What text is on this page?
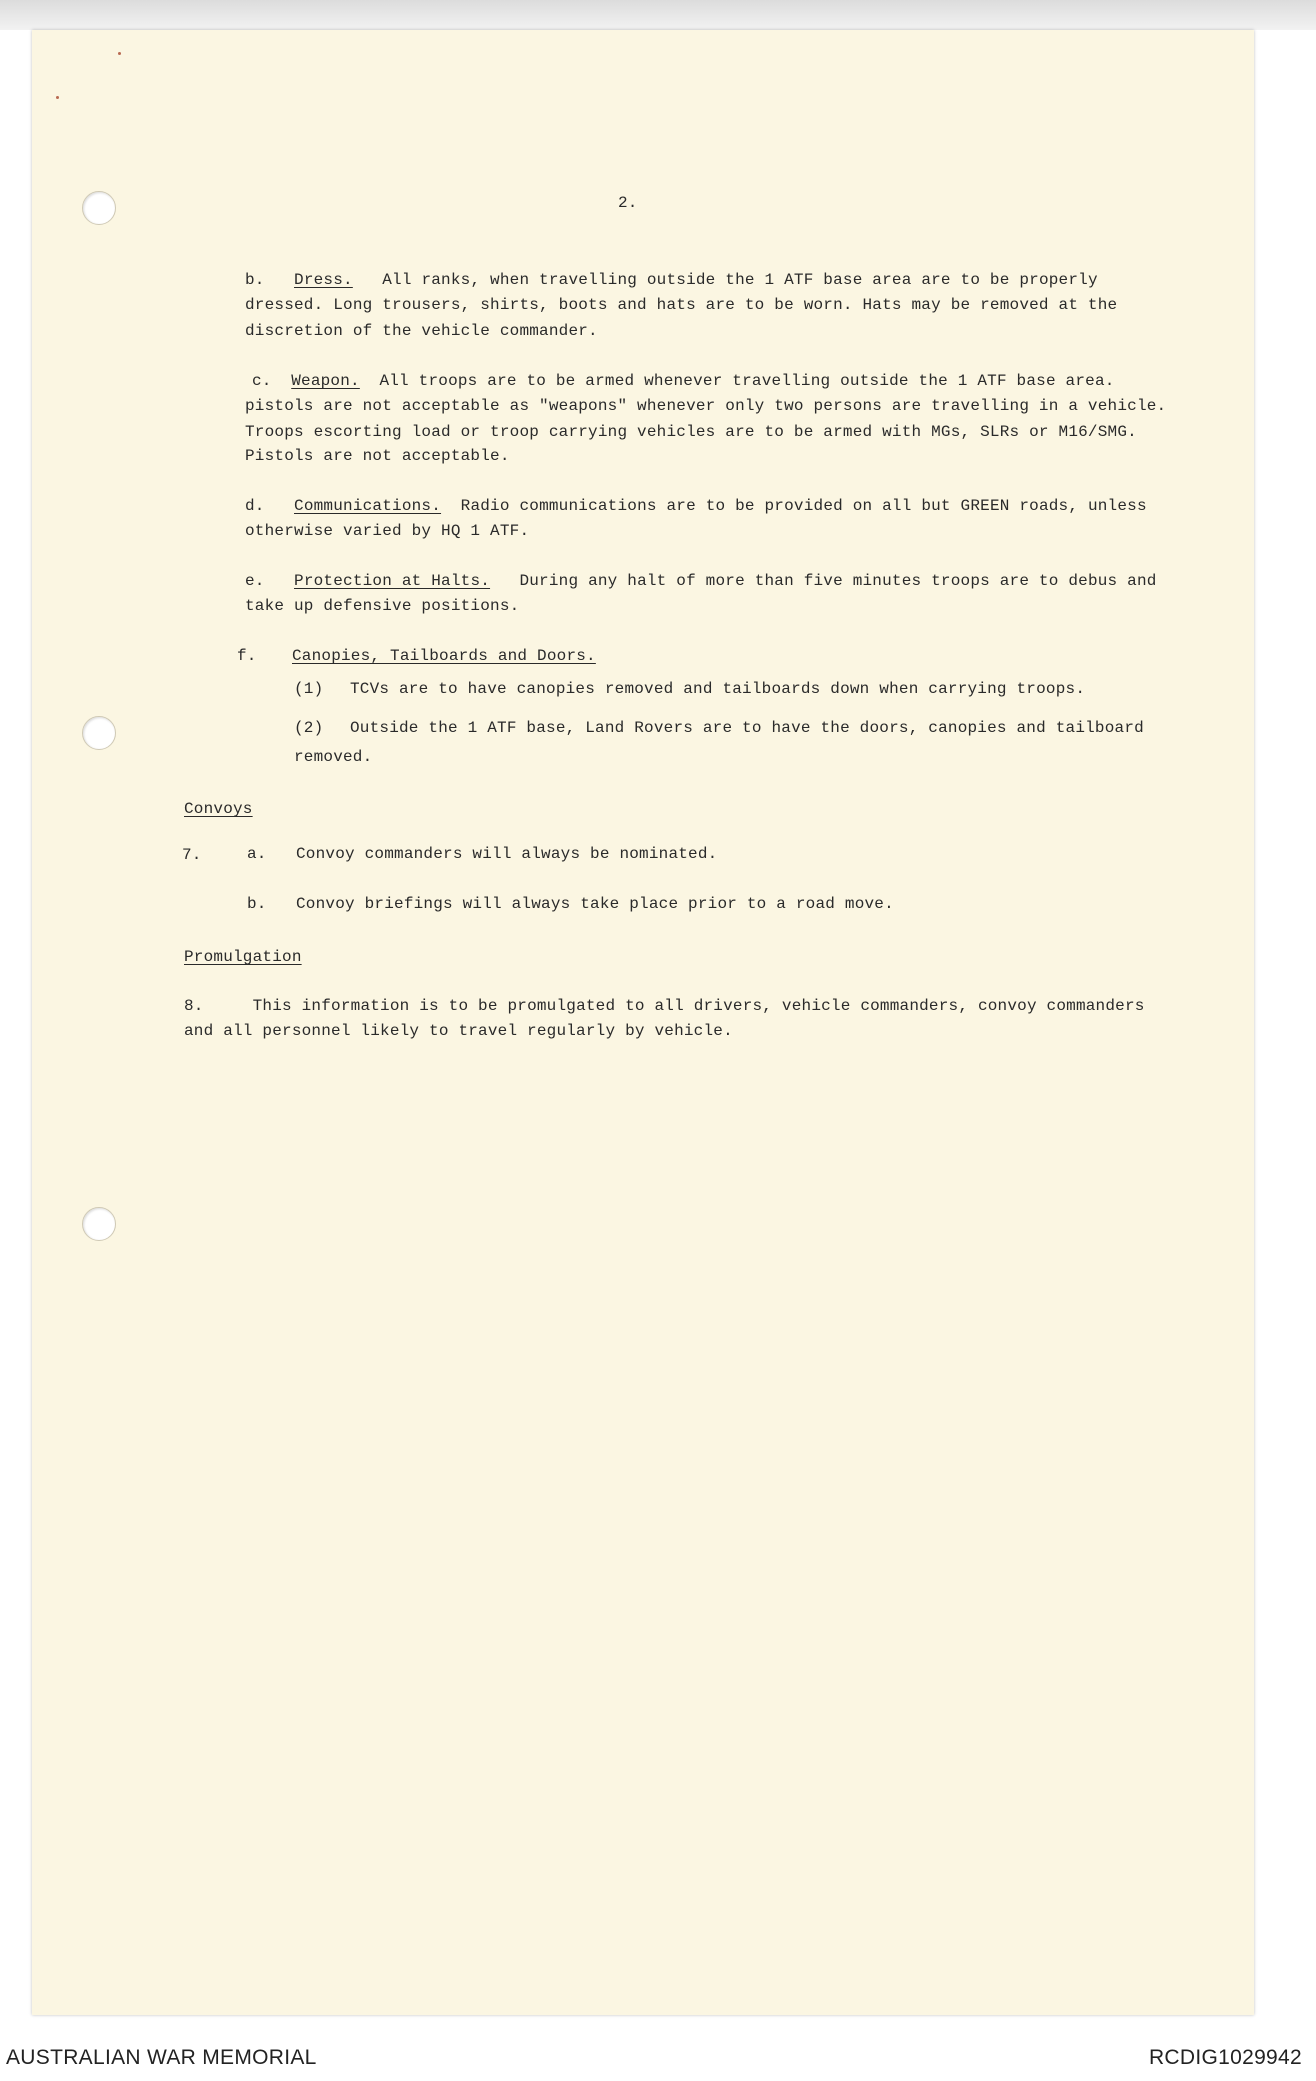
2.
b. Dress. All ranks, when travelling outside the 1 ATF base area are to be properly
dressed. Long trousers, shirts, boots and hats are to be worn. Hats may be removed at the
discretion of the vehicle commander.
c. Weapon. All troops are to be armed whenever travelling outside the 1 ATF base area.
pistols are not acceptable as "weapons" whenever only two persons are travelling in a vehicle.
Troops escorting load or troop carrying vehicles are to be armed with MGs, SLRs or M16/SMG.
Pistols are not acceptable.
d. Communications. Radio communications are to be provided on all but GREEN roads, unless
otherwise varied by HQ 1 ATF.
e. Protection at Halts. During any halt of more than five minutes troops are to debus and
take up defensive positions.
f. Canopies, Tailboards and Doors.
(1) TCVs are to have canopies removed and tailboards down when carrying troops.
(2) Outside the 1 ATF base, Land Rovers are to have the doors, canopies and tailboard
removed.
Convoys
7.	a. Convoy commanders will always be nominated.
b. Convoy briefings will always take place prior to a road move.
Promulgation
8.	This information is to be promulgated to all drivers, vehicle commanders, convoy commanders
and all personnel likely to travel regularly by vehicle.
AUSTRALIAN WAR MEMORIAL	RCDIG1029942
